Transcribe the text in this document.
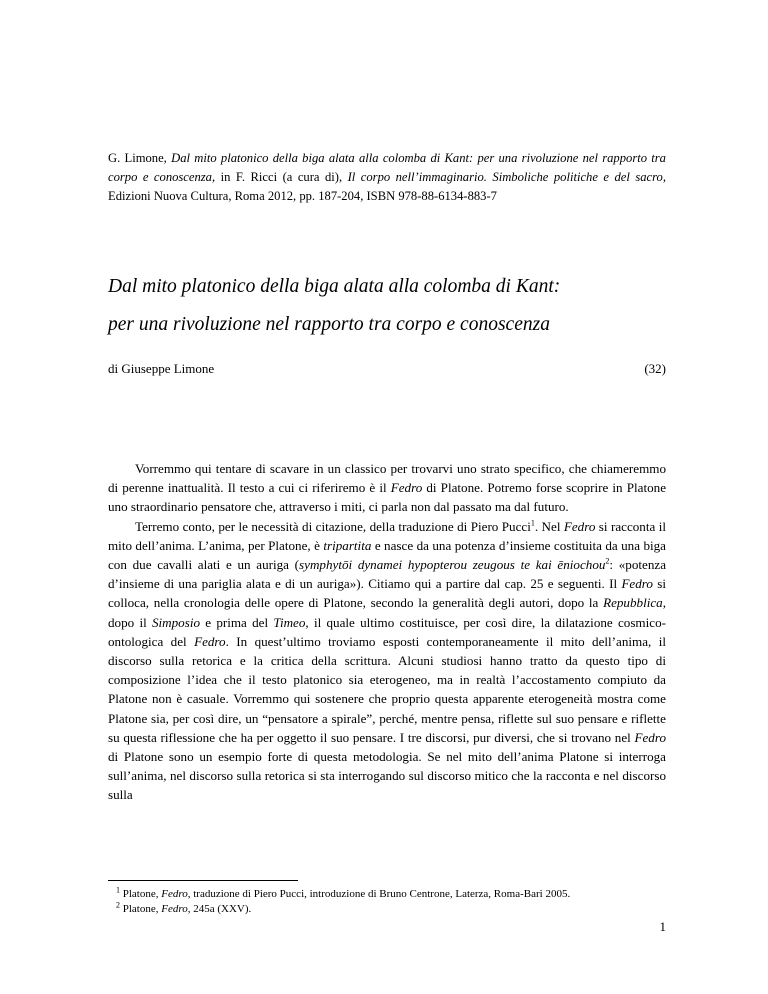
G. Limone, Dal mito platonico della biga alata alla colomba di Kant: per una rivoluzione nel rapporto tra corpo e conoscenza, in F. Ricci (a cura di), Il corpo nell’immaginario. Simboliche politiche e del sacro, Edizioni Nuova Cultura, Roma 2012, pp. 187-204, ISBN 978-88-6134-883-7
Dal mito platonico della biga alata alla colomba di Kant:
per una rivoluzione nel rapporto tra corpo e conoscenza
di Giuseppe Limone	(32)

Vorremmo qui tentare di scavare in un classico per trovarvi uno strato specifico, che chiameremmo di perenne inattualità. Il testo a cui ci riferiremo è il Fedro di Platone. Potremo forse scoprire in Platone uno straordinario pensatore che, attraverso i miti, ci parla non dal passato ma dal futuro.

Terremo conto, per le necessità di citazione, della traduzione di Piero Pucci$^1$. Nel Fedro si racconta il mito dell’anima. L’anima, per Platone, è tripartita e nasce da una potenza d’insieme costituita da una biga con due cavalli alati e un auriga (symphytōi dynamei hypopterou zeugous te kai ēniochou$^2$: «potenza d’insieme di una pariglia alata e di un auriga»). Citiamo qui a partire dal cap. 25 e seguenti. Il Fedro si colloca, nella cronologia delle opere di Platone, secondo la generalità degli autori, dopo la Repubblica, dopo il Simposio e prima del Timeo, il quale ultimo costituisce, per così dire, la dilatazione cosmico-ontologica del Fedro. In quest’ultimo troviamo esposti contemporaneamente il mito dell’anima, il discorso sulla retorica e la critica della scrittura. Alcuni studiosi hanno tratto da questo tipo di composizione l’idea che il testo platonico sia eterogeneo, ma in realtà l’accostamento compiuto da Platone non è casuale. Vorremmo qui sostenere che proprio questa apparente eterogeneità mostra come Platone sia, per così dire, un “pensatore a spirale”, perché, mentre pensa, riflette sul suo pensare e riflette su questa riflessione che ha per oggetto il suo pensare. I tre discorsi, pur diversi, che si trovano nel Fedro di Platone sono un esempio forte di questa metodologia. Se nel mito dell’anima Platone si interroga sull’anima, nel discorso sulla retorica si sta interrogando sul discorso mitico che la racconta e nel discorso sulla

$^1$ Platone, Fedro, traduzione di Piero Pucci, introduzione di Bruno Centrone, Laterza, Roma-Bari 2005.
$^2$ Platone, Fedro, 245a (XXV).
1
